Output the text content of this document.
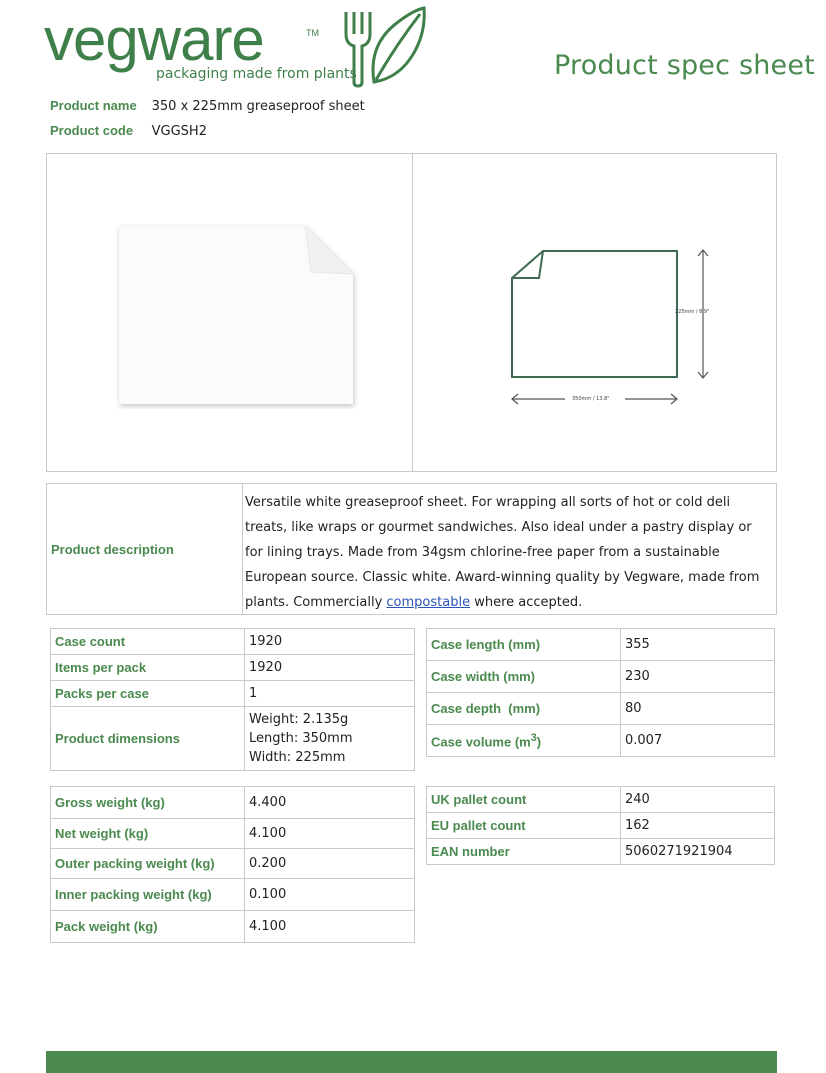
vegware	TM
packaging made from plants	Product spec sheet
Product name 350 x 225mm greaseproof sheet
Product code VGGSH2
225mm / 8.9"
350mm / 13.8"
Product description
Versatile white greaseproof sheet. For wrapping all sorts of hot or cold deli treats, like wraps or gourmet sandwiches. Also ideal under a pastry display or for lining trays. Made from 34gsm chlorine-free paper from a sustainable European source. Classic white. Award-winning quality by Vegware, made from plants. Commercially compostable where accepted.
Case count	1920
Items per pack	1920
Packs per case	1
Product dimensions	Weight: 2.135g
Length: 350mm
Width: 225mm
Case length (mm)	355
Case width (mm)	230
Case depth  (mm)	80
Case volume $(m^3)$	0.007
Gross weight (kg)	4.400
Net weight (kg)	4.100
Outer packing weight (kg)	0.200
Inner packing weight (kg)	0.100
Pack weight (kg)	4.100
UK pallet count	240
EU pallet count	162
EAN number	5060271921904
